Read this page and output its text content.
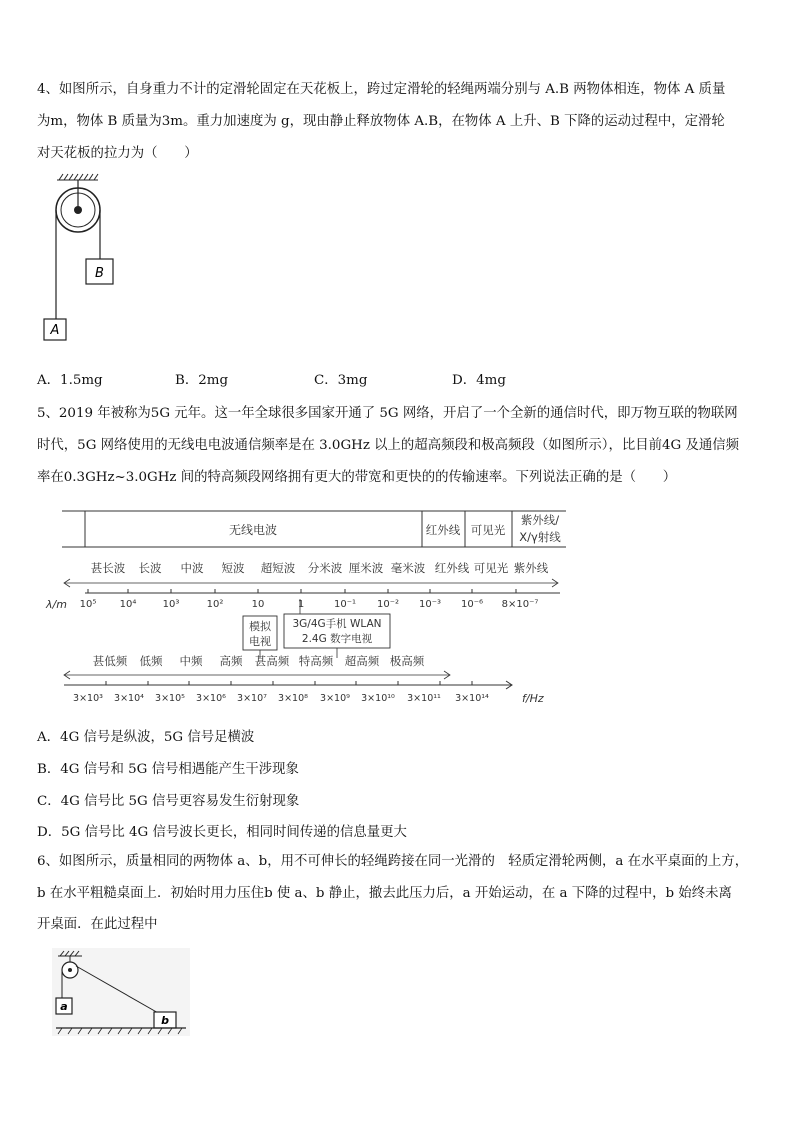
4、如图所示，自身重力不计的定滑轮固定在天花板上，跨过定滑轮的轻绳两端分别与 A.B 两物体相连，物体 A 质量
为m，物体 B 质量为3m。重力加速度为 g，现由静止释放物体 A.B，在物体 A 上升、B 下降的运动过程中，定滑轮
对天花板的拉力为（　　）
B
A
A．1.5mg	B．2mg	C．3mg	D．4mg
5、2019 年被称为5G 元年。这一年全球很多国家开通了 5G 网络，开启了一个全新的通信时代，即万物互联的物联网
时代，5G 网络使用的无线电电波通信频率是在 3.0GHz 以上的超高频段和极高频段（如图所示），比目前4G 及通信频
率在0.3GHz~3.0GHz 间的特高频段网络拥有更大的带宽和更快的的传输速率。下列说法正确的是（　　）
无线电波	红外线 可见光
紫外线/
X/γ射线
甚长波 长波 中波 短波 超短波 分米波 厘米波 毫米波 红外线 可见光 紫外线
λ/m 10⁵ 10⁴	10³	10²	10	1	10⁻¹ 10⁻² 10⁻³ 10⁻⁶ 8×10⁻⁷
模拟
电视
3G/4G手机 WLAN
2.4G 数字电视
甚低频 低频 中频 高频 甚高频 特高频 超高频 极高频
3×10³ 3×10⁴ 3×10⁵ 3×10⁶ 3×10⁷ 3×10⁸ 3×10⁹ 3×10¹⁰ 3×10¹¹ 3×10¹⁴	f/Hz
A．4G 信号是纵波，5G 信号足横波
B．4G 信号和 5G 信号相遇能产生干涉现象
C．4G 信号比 5G 信号更容易发生衍射现象
D．5G 信号比 4G 信号波长更长，相同时间传递的信息量更大
6、如图所示，质量相同的两物体 a、b，用不可伸长的轻绳跨接在同一光滑的　轻质定滑轮两侧，a 在水平桌面的上方，
b 在水平粗糙桌面上．初始时用力压住b 使 a、b 静止，撤去此压力后，a 开始运动，在 a 下降的过程中，b 始终未离
开桌面．在此过程中
a
b
